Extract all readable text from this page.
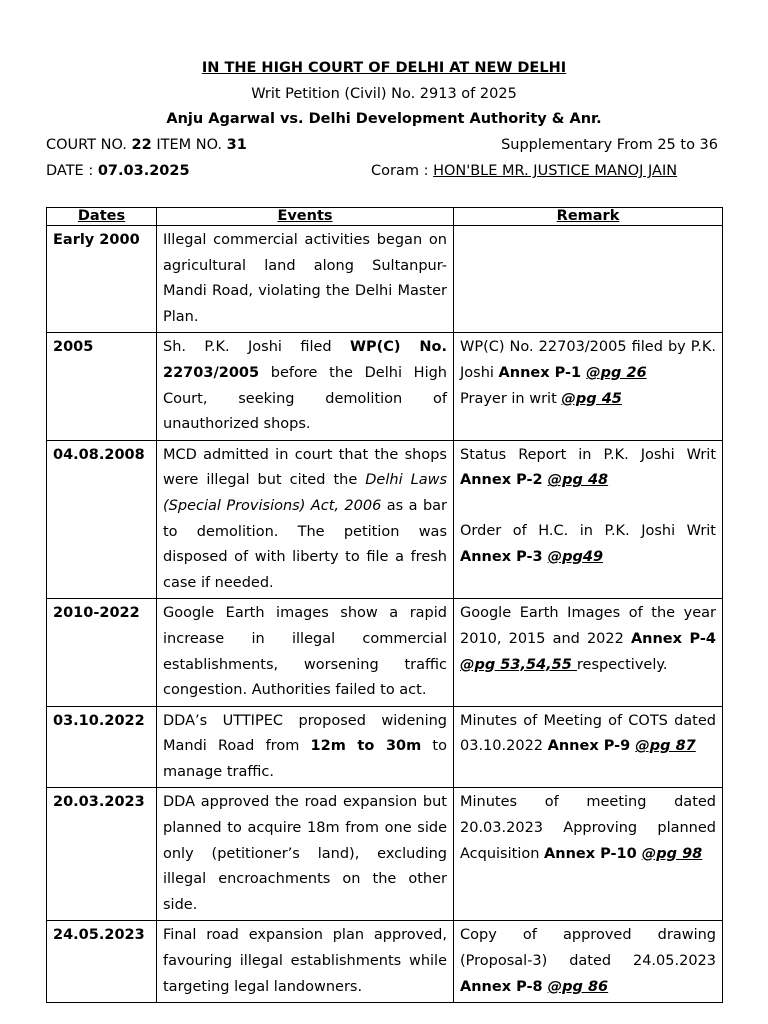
IN THE HIGH COURT OF DELHI AT NEW DELHI
Writ Petition (Civil) No. 2913 of 2025
Anju Agarwal vs. Delhi Development Authority & Anr.
COURT NO. 22 ITEM NO. 31	Supplementary From 25 to 36
DATE : 07.03.2025	Coram : HON'BLE MR. JUSTICE MANOJ JAIN
Dates	Events	Remark
Early 2000	Illegal commercial activities began on agricultural land along Sultanpur-Mandi Road, violating the Delhi Master Plan.	
2005	Sh. P.K. Joshi filed WP(C) No. 22703/2005 before the Delhi High Court, seeking demolition of unauthorized shops.	WP(C) No. 22703/2005 filed by P.K. Joshi Annex P-1 @pg 26
Prayer in writ @pg 45
04.08.2008	MCD admitted in court that the shops were illegal but cited the Delhi Laws (Special Provisions) Act, 2006 as a bar to demolition. The petition was disposed of with liberty to file a fresh case if needed.	Status Report in P.K. Joshi Writ Annex P-2 @pg 48
Order of H.C. in P.K. Joshi Writ Annex P-3 @pg49
2010-2022	Google Earth images show a rapid increase in illegal commercial establishments, worsening traffic congestion. Authorities failed to act.	Google Earth Images of the year 2010, 2015 and 2022 Annex P-4 @pg 53,54,55 respectively.
03.10.2022	DDA’s UTTIPEC proposed widening Mandi Road from 12m to 30m to manage traffic.	Minutes of Meeting of COTS dated 03.10.2022 Annex P-9 @pg 87
20.03.2023	DDA approved the road expansion but planned to acquire 18m from one side only (petitioner’s land), excluding illegal encroachments on the other side.	Minutes of meeting dated 20.03.2023 Approving planned Acquisition Annex P-10 @pg 98
24.05.2023	Final road expansion plan approved, favouring illegal establishments while targeting legal landowners.	Copy of approved drawing (Proposal-3) dated 24.05.2023 Annex P-8 @pg 86
